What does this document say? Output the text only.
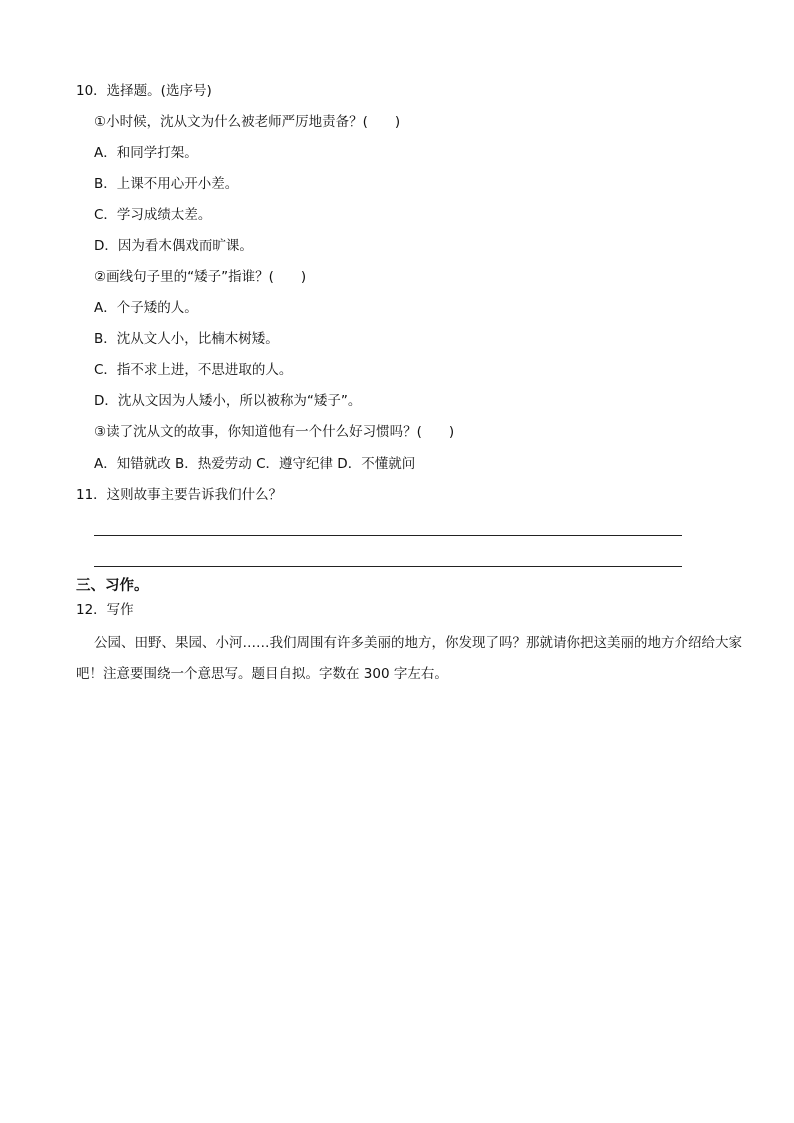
10．选择题。(选序号)
①小时候，沈从文为什么被老师严厉地责备？(　　)
A．和同学打架。
B．上课不用心开小差。
C．学习成绩太差。
D．因为看木偶戏而旷课。
②画线句子里的“矮子”指谁？(　　)
A．个子矮的人。
B．沈从文人小，比楠木树矮。
C．指不求上进，不思进取的人。
D．沈从文因为人矮小，所以被称为“矮子”。
③读了沈从文的故事，你知道他有一个什么好习惯吗？(　　)
A．知错就改 B．热爱劳动 C．遵守纪律 D．不懂就问
11．这则故事主要告诉我们什么？
三、习作。
12．写作
公园、田野、果园、小河……我们周围有许多美丽的地方，你发现了吗？那就请你把这美丽的地方介绍给大家吧！注意要围绕一个意思写。题目自拟。字数在 300 字左右。
